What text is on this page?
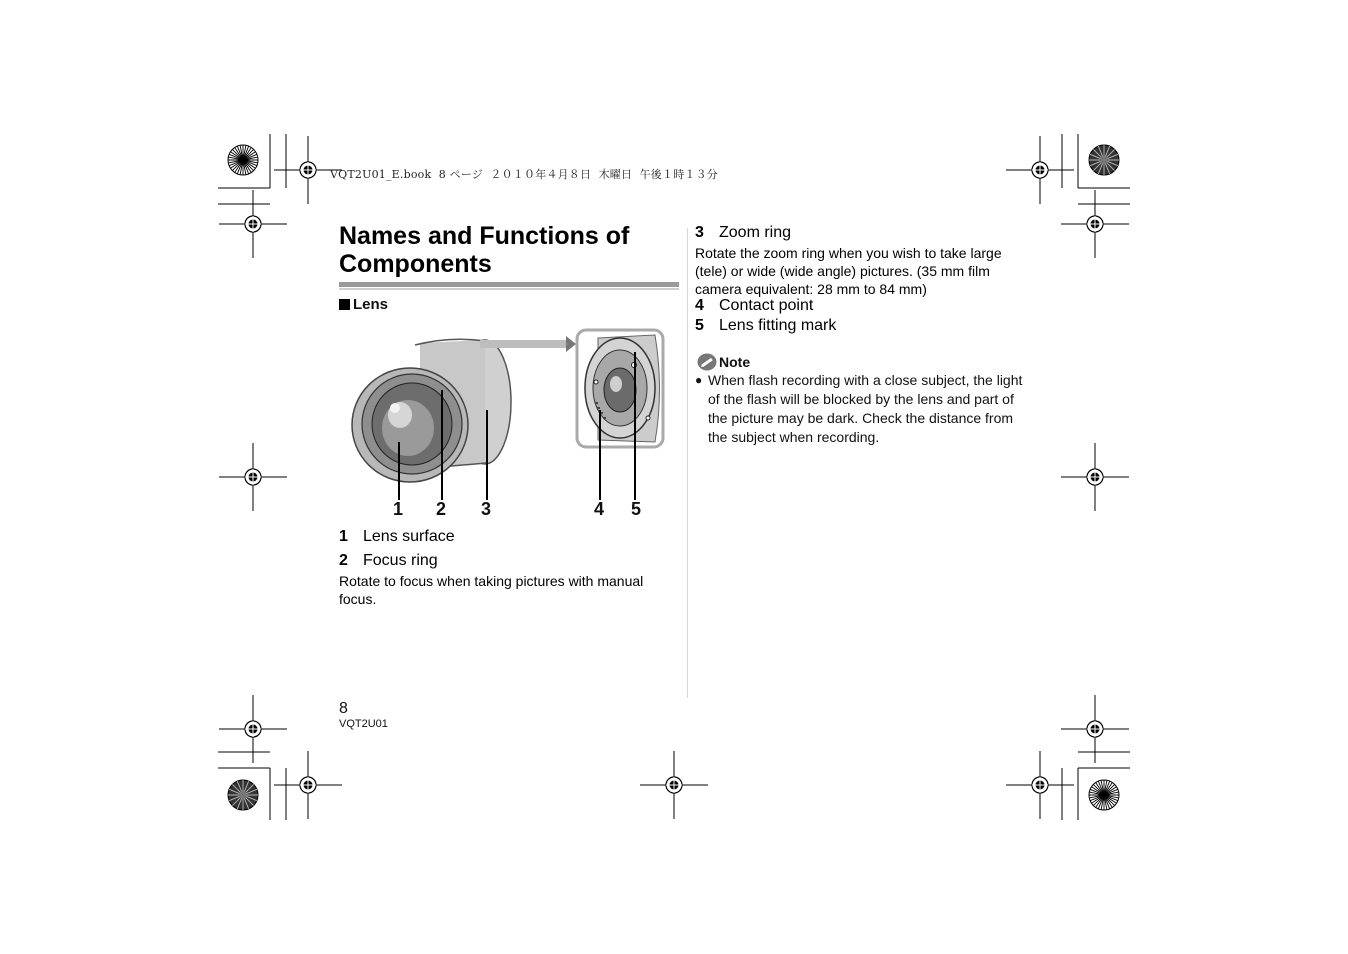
VQT2U01_E.book  8 ページ  ２０１０年４月８日  木曜日  午後１時１３分
Names and Functions of
Components
Lens
1 2 3	4 5
1 Lens surface
2 Focus ring
Rotate to focus when taking pictures with manual focus.
3 Zoom ring
Rotate the zoom ring when you wish to take large (tele) or wide (wide angle) pictures. (35 mm film camera equivalent: 28 mm to 84 mm)
4 Contact point
5 Lens fitting mark
Note
● When flash recording with a close subject, the light of the flash will be blocked by the lens and part of the picture may be dark. Check the distance from the subject when recording.
8
VQT2U01
